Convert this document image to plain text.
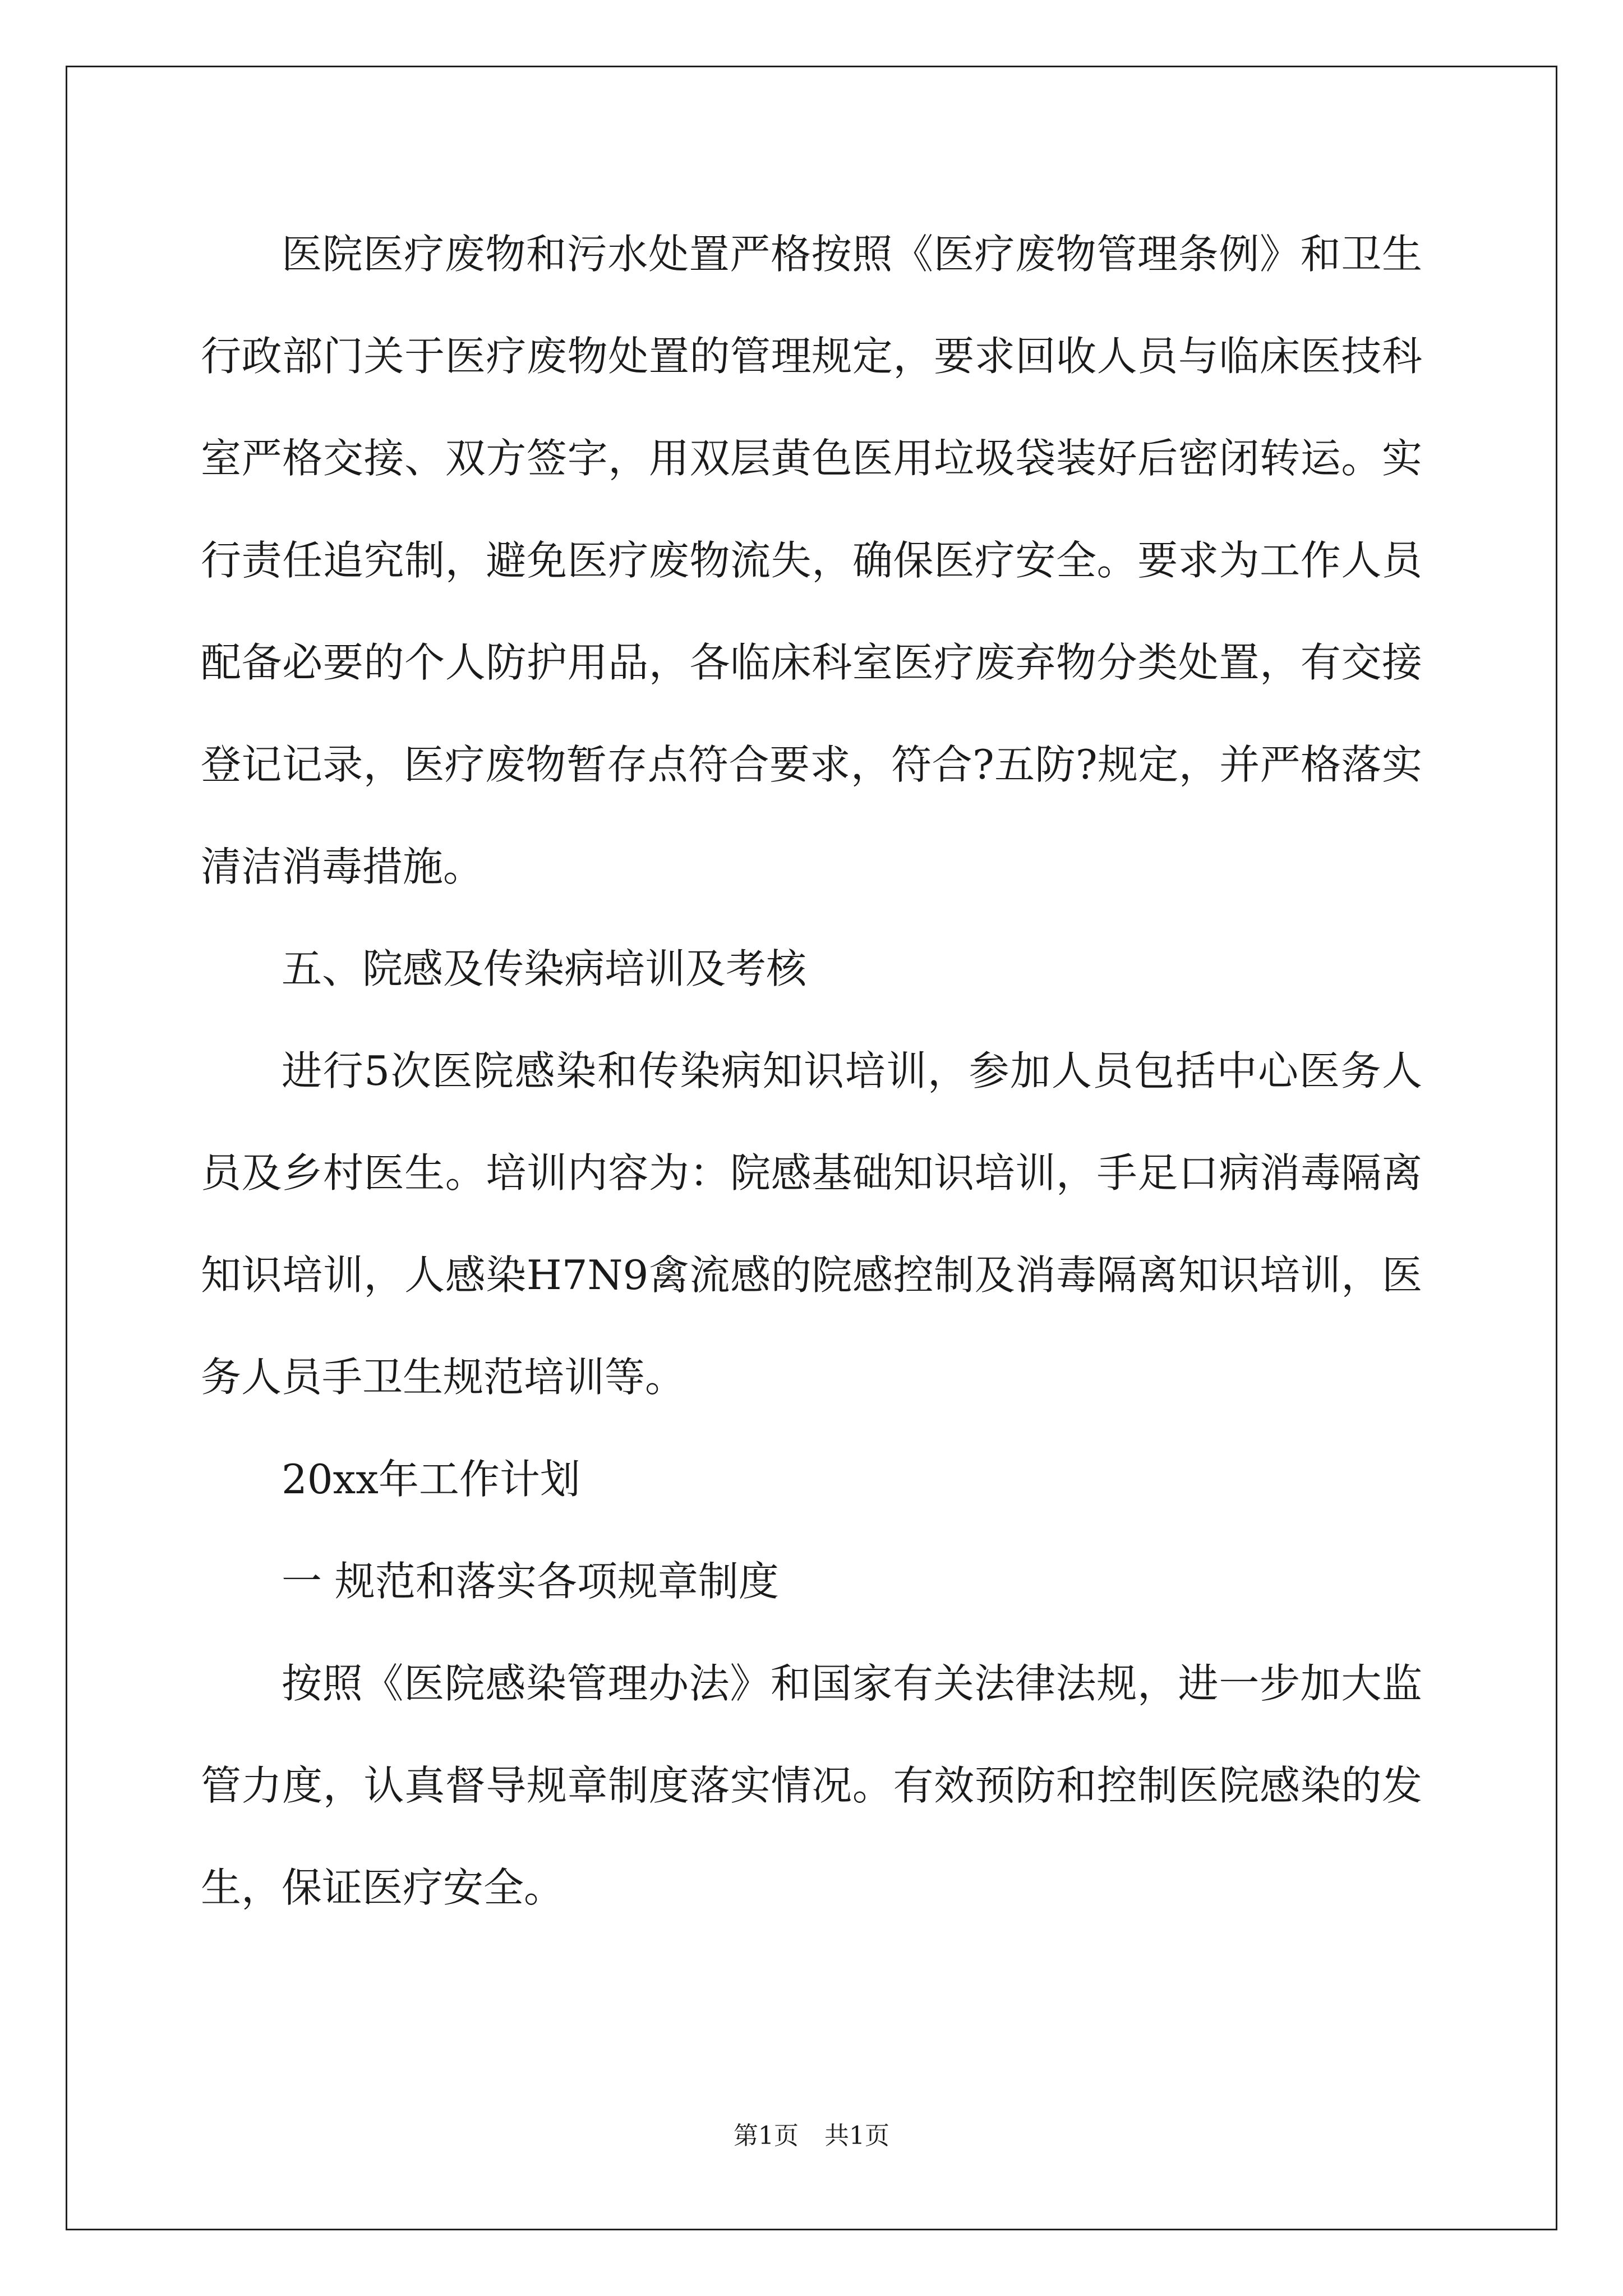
医院医疗废物和污水处置严格按照《医疗废物管理条例》和卫生行政部门关于医疗废物处置的管理规定，要求回收人员与临床医技科室严格交接、双方签字，用双层黄色医用垃圾袋装好后密闭转运。实行责任追究制，避免医疗废物流失，确保医疗安全。要求为工作人员配备必要的个人防护用品，各临床科室医疗废弃物分类处置，有交接登记记录，医疗废物暂存点符合要求，符合?五防?规定，并严格落实清洁消毒措施。

五、院感及传染病培训及考核

进行5次医院感染和传染病知识培训，参加人员包括中心医务人员及乡村医生。培训内容为：院感基础知识培训，手足口病消毒隔离知识培训，人感染H7N9禽流感的院感控制及消毒隔离知识培训，医务人员手卫生规范培训等。

20xx年工作计划

一 规范和落实各项规章制度

按照《医院感染管理办法》和国家有关法律法规，进一步加大监管力度，认真督导规章制度落实情况。有效预防和控制医院感染的发生，保证医疗安全。

第1页 共1页
